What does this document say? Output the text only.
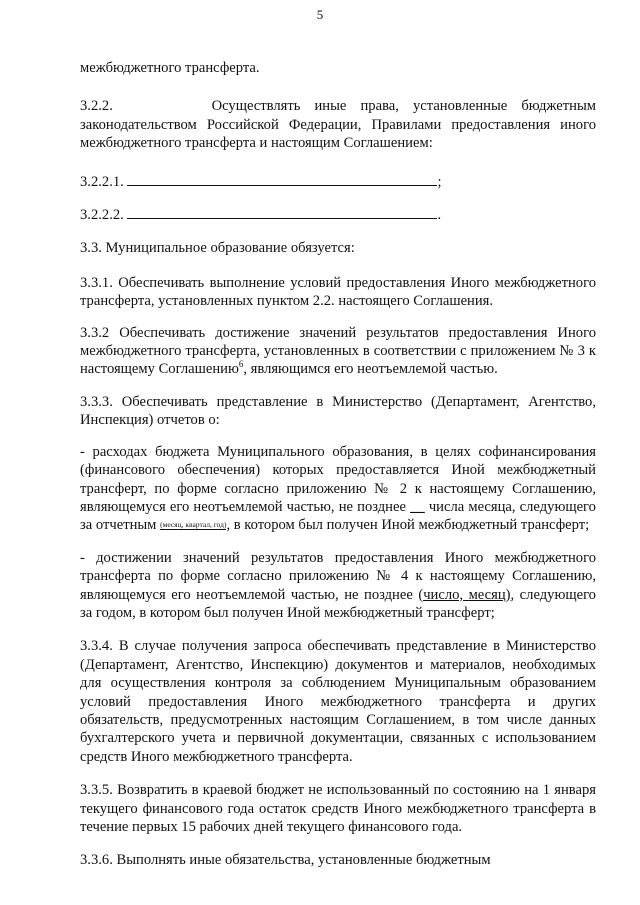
5

межбюджетного трансферта.

3.2.2.	Осуществлять иные права, установленные бюджетным законодательством Российской Федерации, Правилами предоставления иного межбюджетного трансферта и настоящим Соглашением:

3.2.2.1.	;

3.2.2.2.	.

3.3. Муниципальное образование обязуется:

3.3.1. Обеспечивать выполнение условий предоставления Иного межбюджетного трансферта, установленных пунктом 2.2. настоящего Соглашения.

3.3.2 Обеспечивать достижение значений результатов предоставления Иного межбюджетного трансферта, установленных в соответствии с приложением № 3 к настоящему Соглашению$^6$, являющимся его неотъемлемой частью.

3.3.3. Обеспечивать представление в Министерство (Департамент, Агентство, Инспекция) отчетов о:

- расходах бюджета Муниципального образования, в целях софинансирования (финансового обеспечения) которых предоставляется Иной межбюджетный трансферт, по форме согласно приложению № 2 к настоящему Соглашению, являющемуся его неотъемлемой частью, не позднее __ числа месяца, следующего за отчетным (месяц, квартал, год), в котором был получен Иной межбюджетный трансферт;

- достижении значений результатов предоставления Иного межбюджетного трансферта по форме согласно приложению № 4 к настоящему Соглашению, являющемуся его неотъемлемой частью, не позднее (число, месяц), следующего за годом, в котором был получен Иной межбюджетный трансферт;

3.3.4. В случае получения запроса обеспечивать представление в Министерство (Департамент, Агентство, Инспекцию) документов и материалов, необходимых для осуществления контроля за соблюдением Муниципальным образованием условий предоставления Иного межбюджетного трансферта и других обязательств, предусмотренных настоящим Соглашением, в том числе данных бухгалтерского учета и первичной документации, связанных с использованием средств Иного межбюджетного трансферта.

3.3.5. Возвратить в краевой бюджет не использованный по состоянию на 1 января текущего финансового года остаток средств Иного межбюджетного трансферта в течение первых 15 рабочих дней текущего финансового года.

3.3.6. Выполнять иные обязательства, установленные бюджетным
